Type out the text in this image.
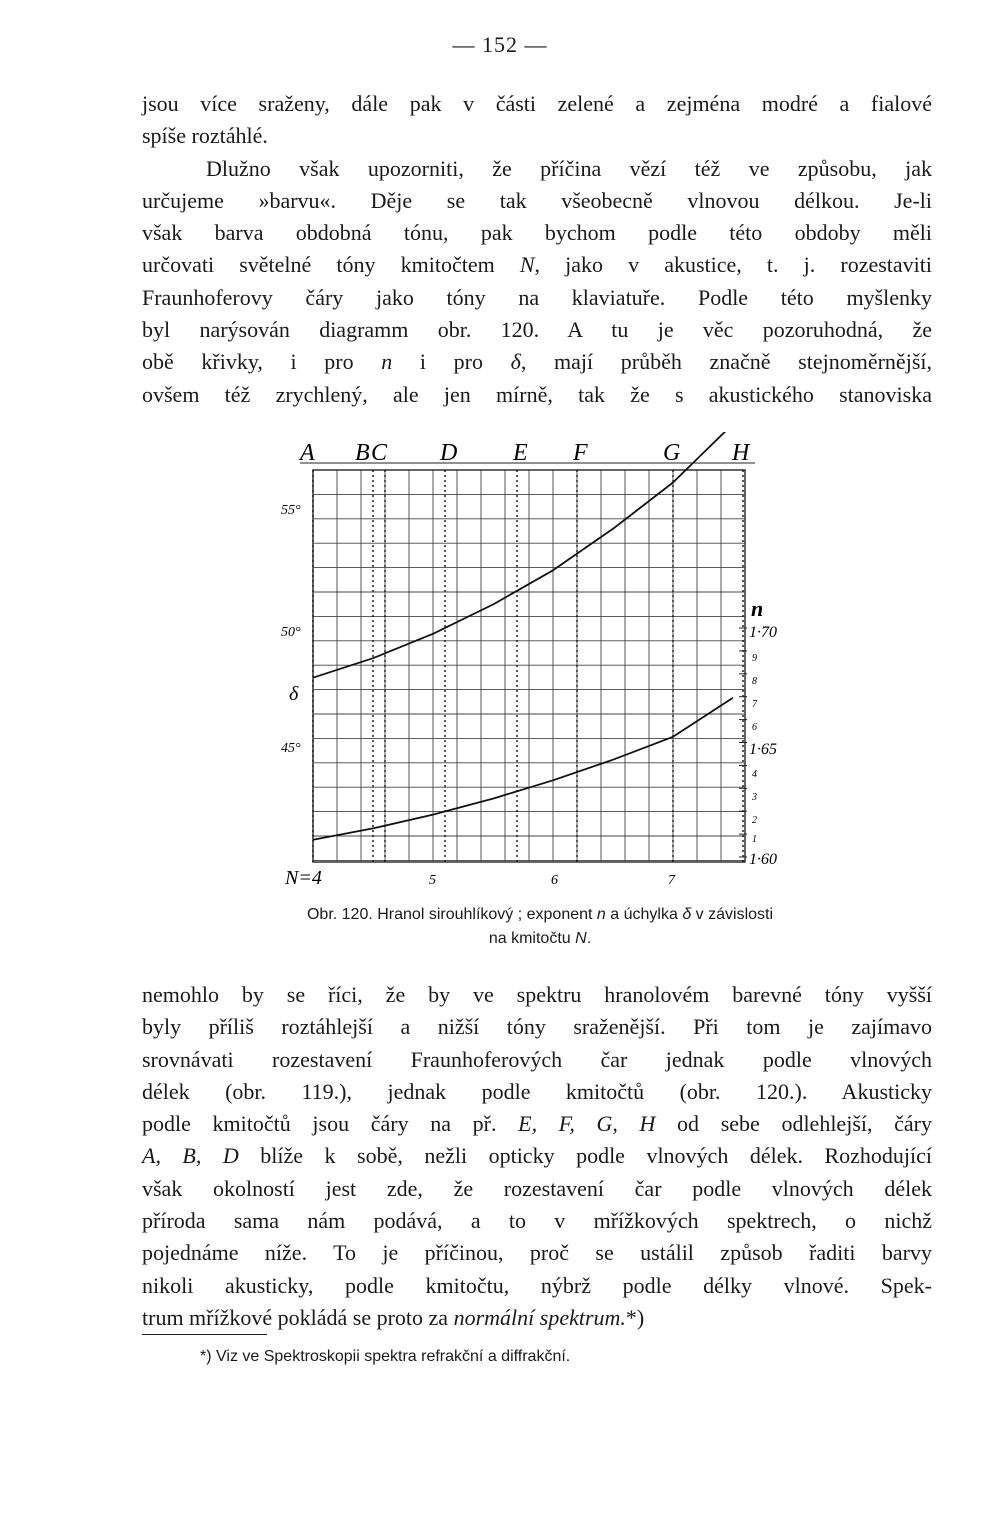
— 152 —
jsou více sraženy, dále pak v části zelené a zejména modré a fialové
spíše roztáhlé.
Dlužno však upozorniti, že příčina vězí též ve způsobu, jak
určujeme »barvu«. Děje se tak všeobecně vlnovou délkou. Je-li
však barva obdobná tónu, pak bychom podle této obdoby měli
určovati světelné tóny kmitočtem N, jako v akustice, t. j. rozestaviti
Fraunhoferovy čáry jako tóny na klaviatuře. Podle této myšlenky
byl narýsován diagramm obr. 120. A tu je věc pozoruhodná, že
obě křivky, i pro n i pro δ, mají průběh značně stejnoměrnější,
ovšem též zrychlený, ale jen mírně, tak že s akustického stanoviska
A B C D E F	G H
55°
50°
δ
45°
n
1·70
9
8
7
6
1·65
4
3
2
1
1·60
N=4	5	6	7
Obr. 120. Hranol sirouhlíkový ; exponent n a úchylka δ v závislosti
na kmitočtu N.
nemohlo by se říci, že by ve spektru hranolovém barevné tóny vyšší
byly příliš roztáhlejší a nižší tóny sraženější. Při tom je zajímavo
srovnávati rozestavení Fraunhoferových čar jednak podle vlnových
délek (obr. 119.), jednak podle kmitočtů (obr. 120.). Akusticky
podle kmitočtů jsou čáry na př. E, F, G, H od sebe odlehlejší, čáry
A, B, D blíže k sobě, nežli opticky podle vlnových délek. Rozhodující
však okolností jest zde, že rozestavení čar podle vlnových délek
příroda sama nám podává, a to v mřížkových spektrech, o nichž
pojednáme níže. To je příčinou, proč se ustálil způsob řaditi barvy
nikoli akusticky, podle kmitočtu, nýbrž podle délky vlnové. Spek-
trum mřížkové pokládá se proto za normální spektrum.*)
*) Viz ve Spektroskopii spektra refrakční a diffrakční.
